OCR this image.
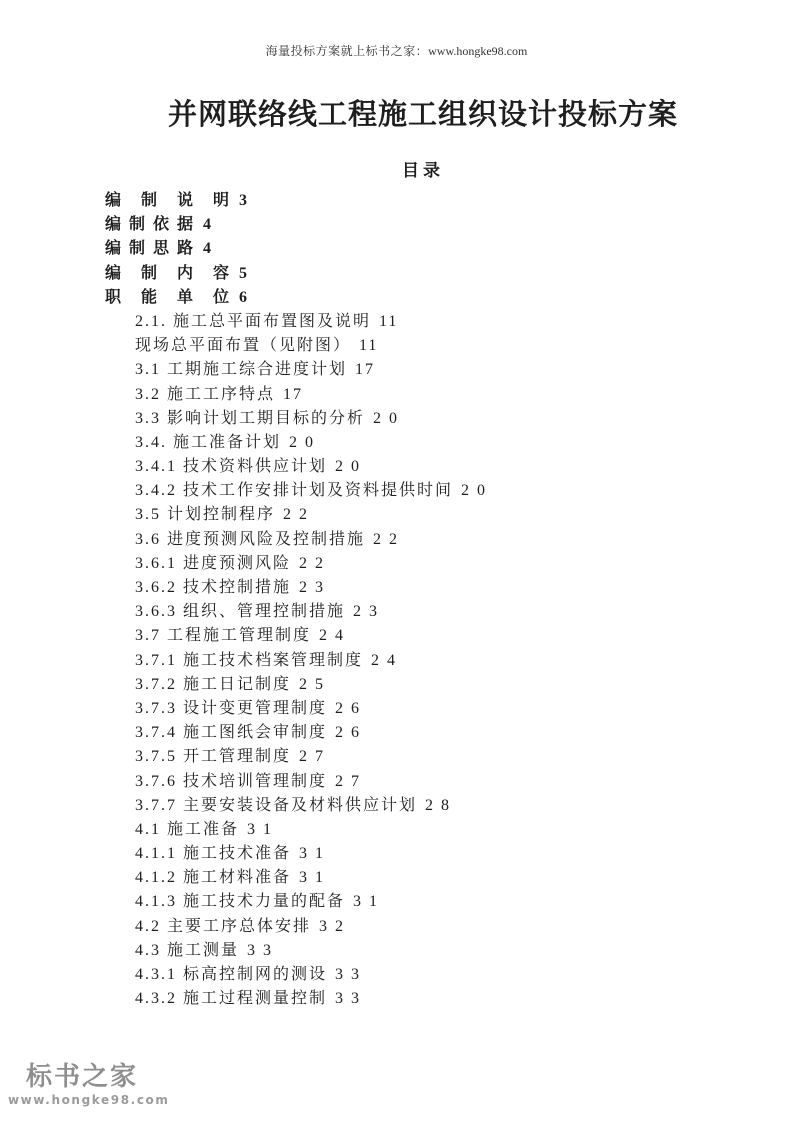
海量投标方案就上标书之家：www.hongke98.com
并网联络线工程施工组织设计投标方案
目录
编　制　说　明 3
编 制 依 据 4
编 制 思 路 4
编　制　内　容 5
职　能　单　位 6
2.1. 施工总平面布置图及说明 11
现场总平面布置（见附图） 11
3.1 工期施工综合进度计划 17
3.2 施工工序特点 17
3.3 影响计划工期目标的分析 2 0
3.4. 施工准备计划 2 0
3.4.1 技术资料供应计划 2 0
3.4.2 技术工作安排计划及资料提供时间 2 0
3.5 计划控制程序 2 2
3.6 进度预测风险及控制措施 2 2
3.6.1 进度预测风险 2 2
3.6.2 技术控制措施 2 3
3.6.3 组织、管理控制措施 2 3
3.7 工程施工管理制度 2 4
3.7.1 施工技术档案管理制度 2 4
3.7.2 施工日记制度 2 5
3.7.3 设计变更管理制度 2 6
3.7.4 施工图纸会审制度 2 6
3.7.5 开工管理制度 2 7
3.7.6 技术培训管理制度 2 7
3.7.7 主要安装设备及材料供应计划 2 8
4.1 施工准备 3 1
4.1.1 施工技术准备 3 1
4.1.2 施工材料准备 3 1
4.1.3 施工技术力量的配备 3 1
4.2 主要工序总体安排 3 2
4.3 施工测量 3 3
4.3.1 标高控制网的测设 3 3
4.3.2 施工过程测量控制 3 3
标书之家
www.hongke98.com
